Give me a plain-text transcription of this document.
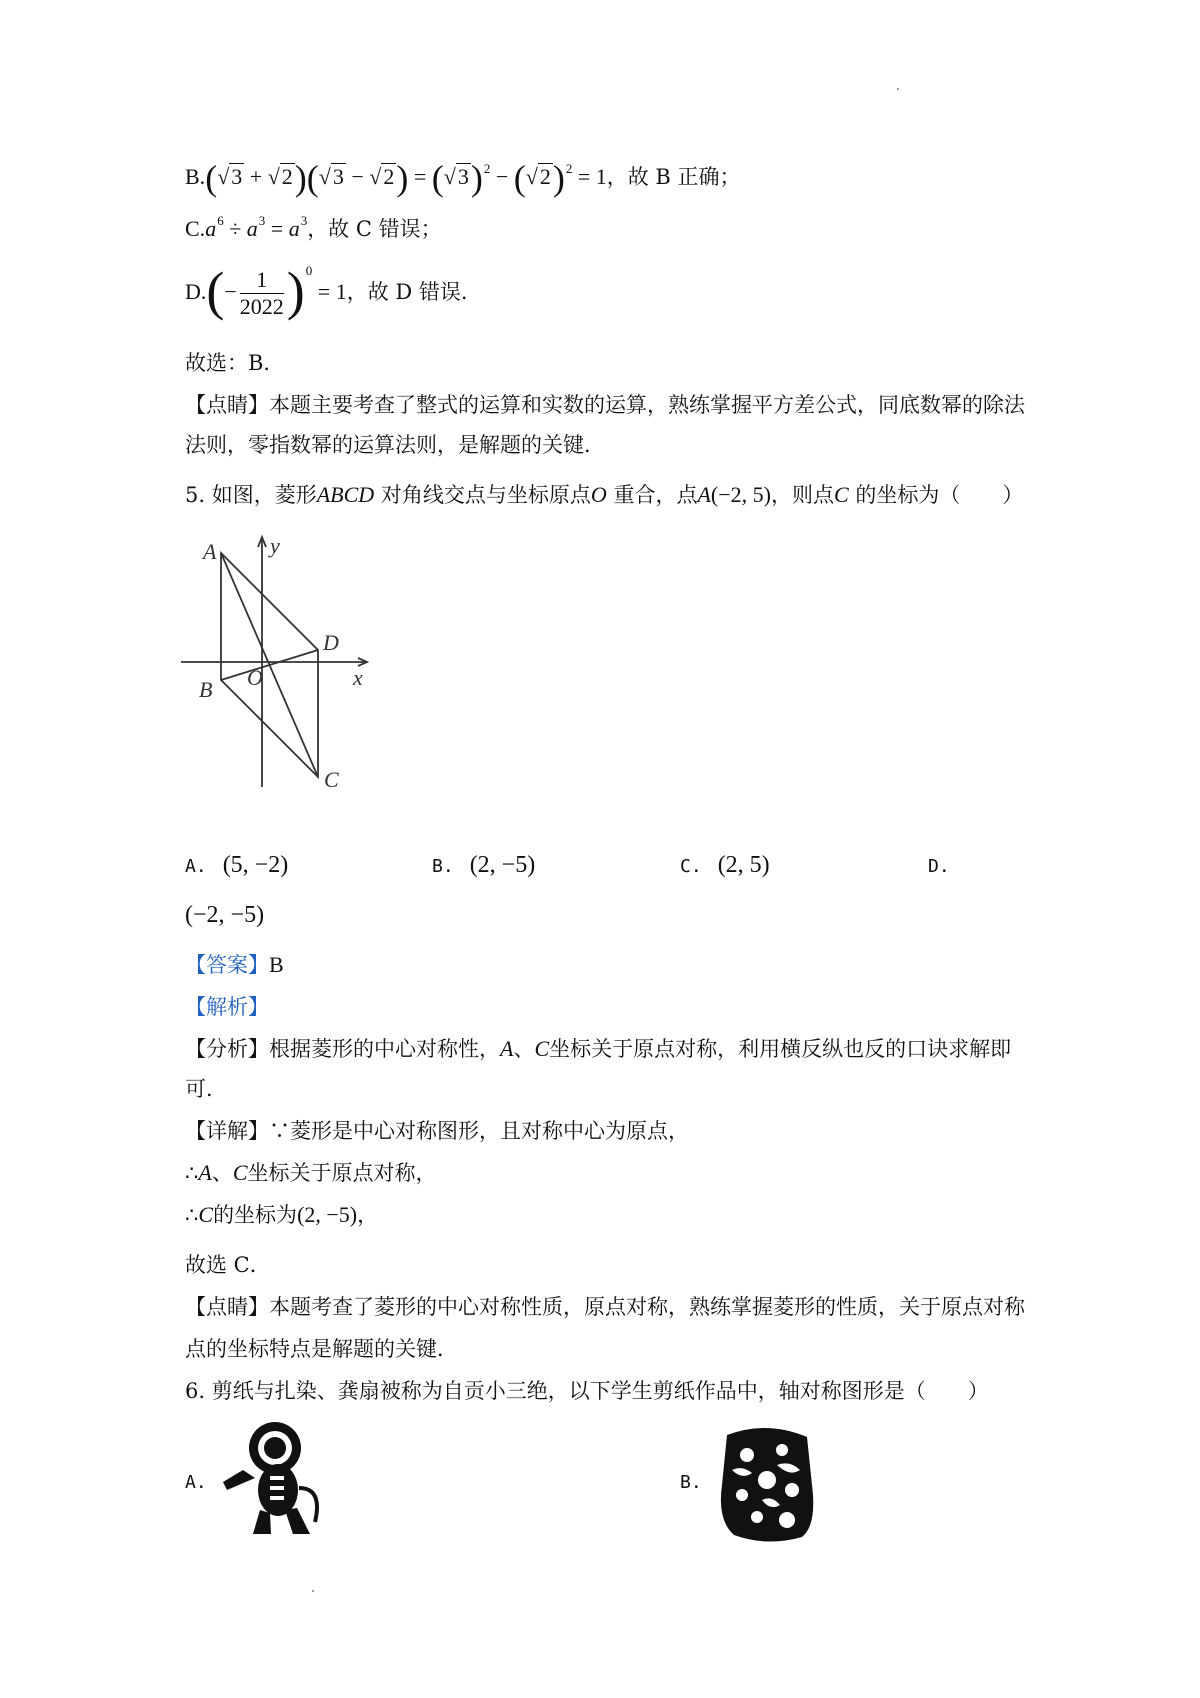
$B.(√3 + √2)(√3 - √2) = (√3)^2 - (√2)^2 = 1$，故 B 正确；
$C.a^6 \div a^3 = a^3$，故 C 错误；
$D.(- \frac{1}{2022} )^0 = 1$，故 D 错误.
故选：B．
【点睛】本题主要考查了整式的运算和实数的运算，熟练掌握平方差公式，同底数幂的除法
法则，零指数幂的运算法则，是解题的关键．
5. 如图，菱形ABCD 对角线交点与坐标原点O 重合，点A(−2, 5)，则点C 的坐标为（　　）
A y
D
O	x
B
C
A. (5, −2)	B. (2, −5)	C. (2, 5)	D.
(−2, −5)
【答案】B
【解析】
【分析】根据菱形的中心对称性，A、C坐标关于原点对称，利用横反纵也反的口诀求解即
可．
【详解】∵菱形是中心对称图形，且对称中心为原点，
∴A、C坐标关于原点对称，
∴C的坐标为(2, −5)，
故选 C．
【点睛】本题考查了菱形的中心对称性质，原点对称，熟练掌握菱形的性质，关于原点对称
点的坐标特点是解题的关键．
6. 剪纸与扎染、龚扇被称为自贡小三绝，以下学生剪纸作品中，轴对称图形是（　　）
A.	B.
